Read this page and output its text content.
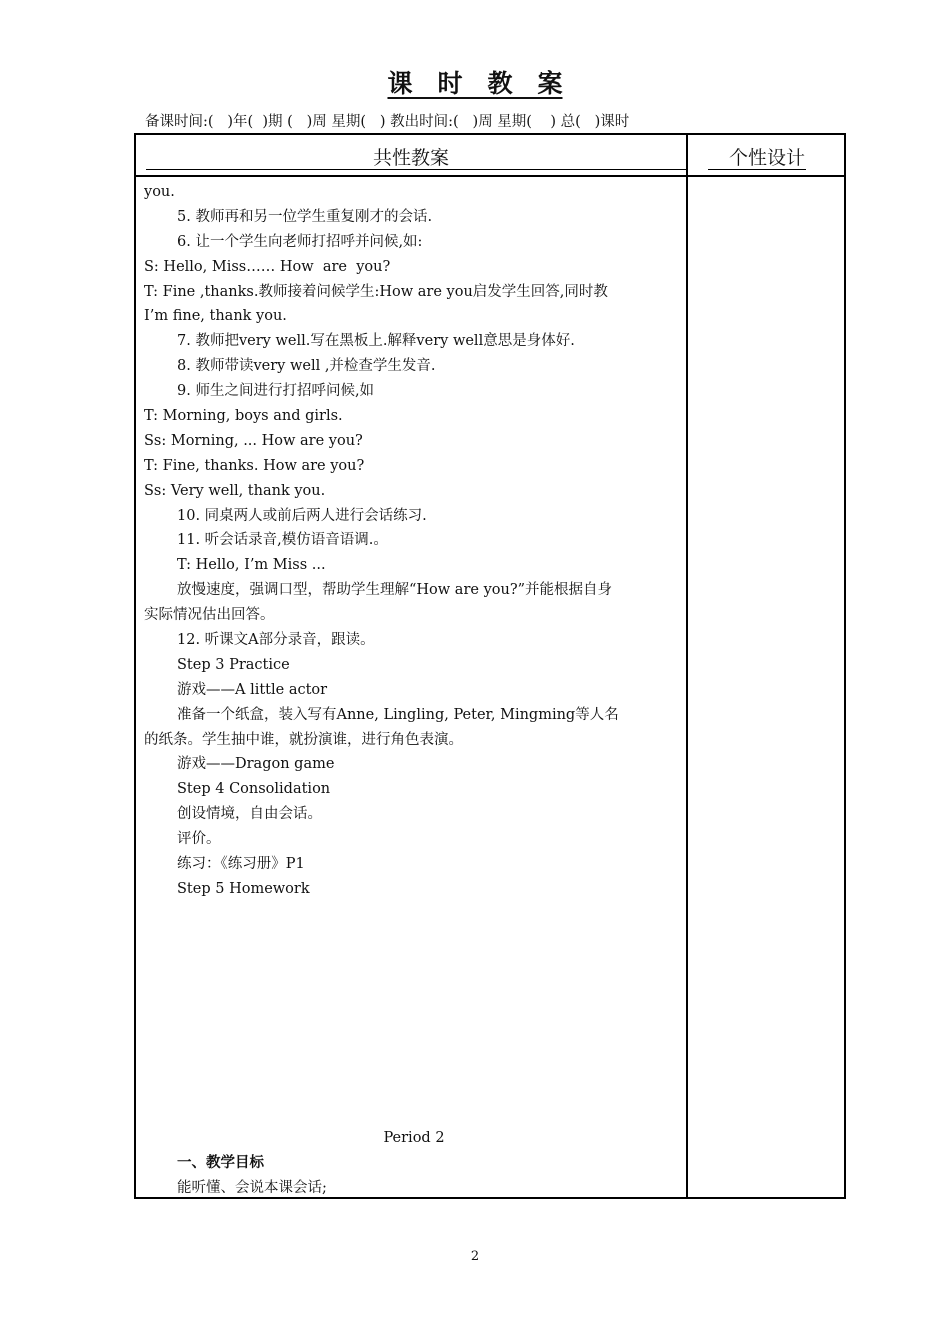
课　时　教　案
备课时间:(   )年(  )期 (   )周 星期(   ) 教出时间:(   )周 星期(    ) 总(   )课时
共性教案	个性设计
you.
5. 教师再和另一位学生重复刚才的会话.
6. 让一个学生向老师打招呼并问候,如:
S: Hello, Miss…… How  are  you?
T: Fine ,thanks.教师接着问候学生:How are you启发学生回答,同时教
I’m fine, thank you.
7. 教师把very well.写在黑板上.解释very well意思是身体好.
8. 教师带读very well ,并检查学生发音.
9. 师生之间进行打招呼问候,如
T: Morning, boys and girls.
Ss: Morning, ... How are you?
T: Fine, thanks. How are you?
Ss: Very well, thank you.
10. 同桌两人或前后两人进行会话练习.
11. 听会话录音,模仿语音语调.。
T: Hello, I’m Miss ...
放慢速度，强调口型，帮助学生理解“How are you?”并能根据自身
实际情况估出回答。
12. 听课文A部分录音，跟读。
Step 3 Practice
游戏——A little actor
准备一个纸盒，装入写有Anne, Lingling, Peter, Mingming等人名
的纸条。学生抽中谁，就扮演谁，进行角色表演。
游戏——Dragon game
Step 4 Consolidation
创设情境，自由会话。
评价。
练习：《练习册》P1
Step 5 Homework
Period 2
一、教学目标
能听懂、会说本课会话;
2
